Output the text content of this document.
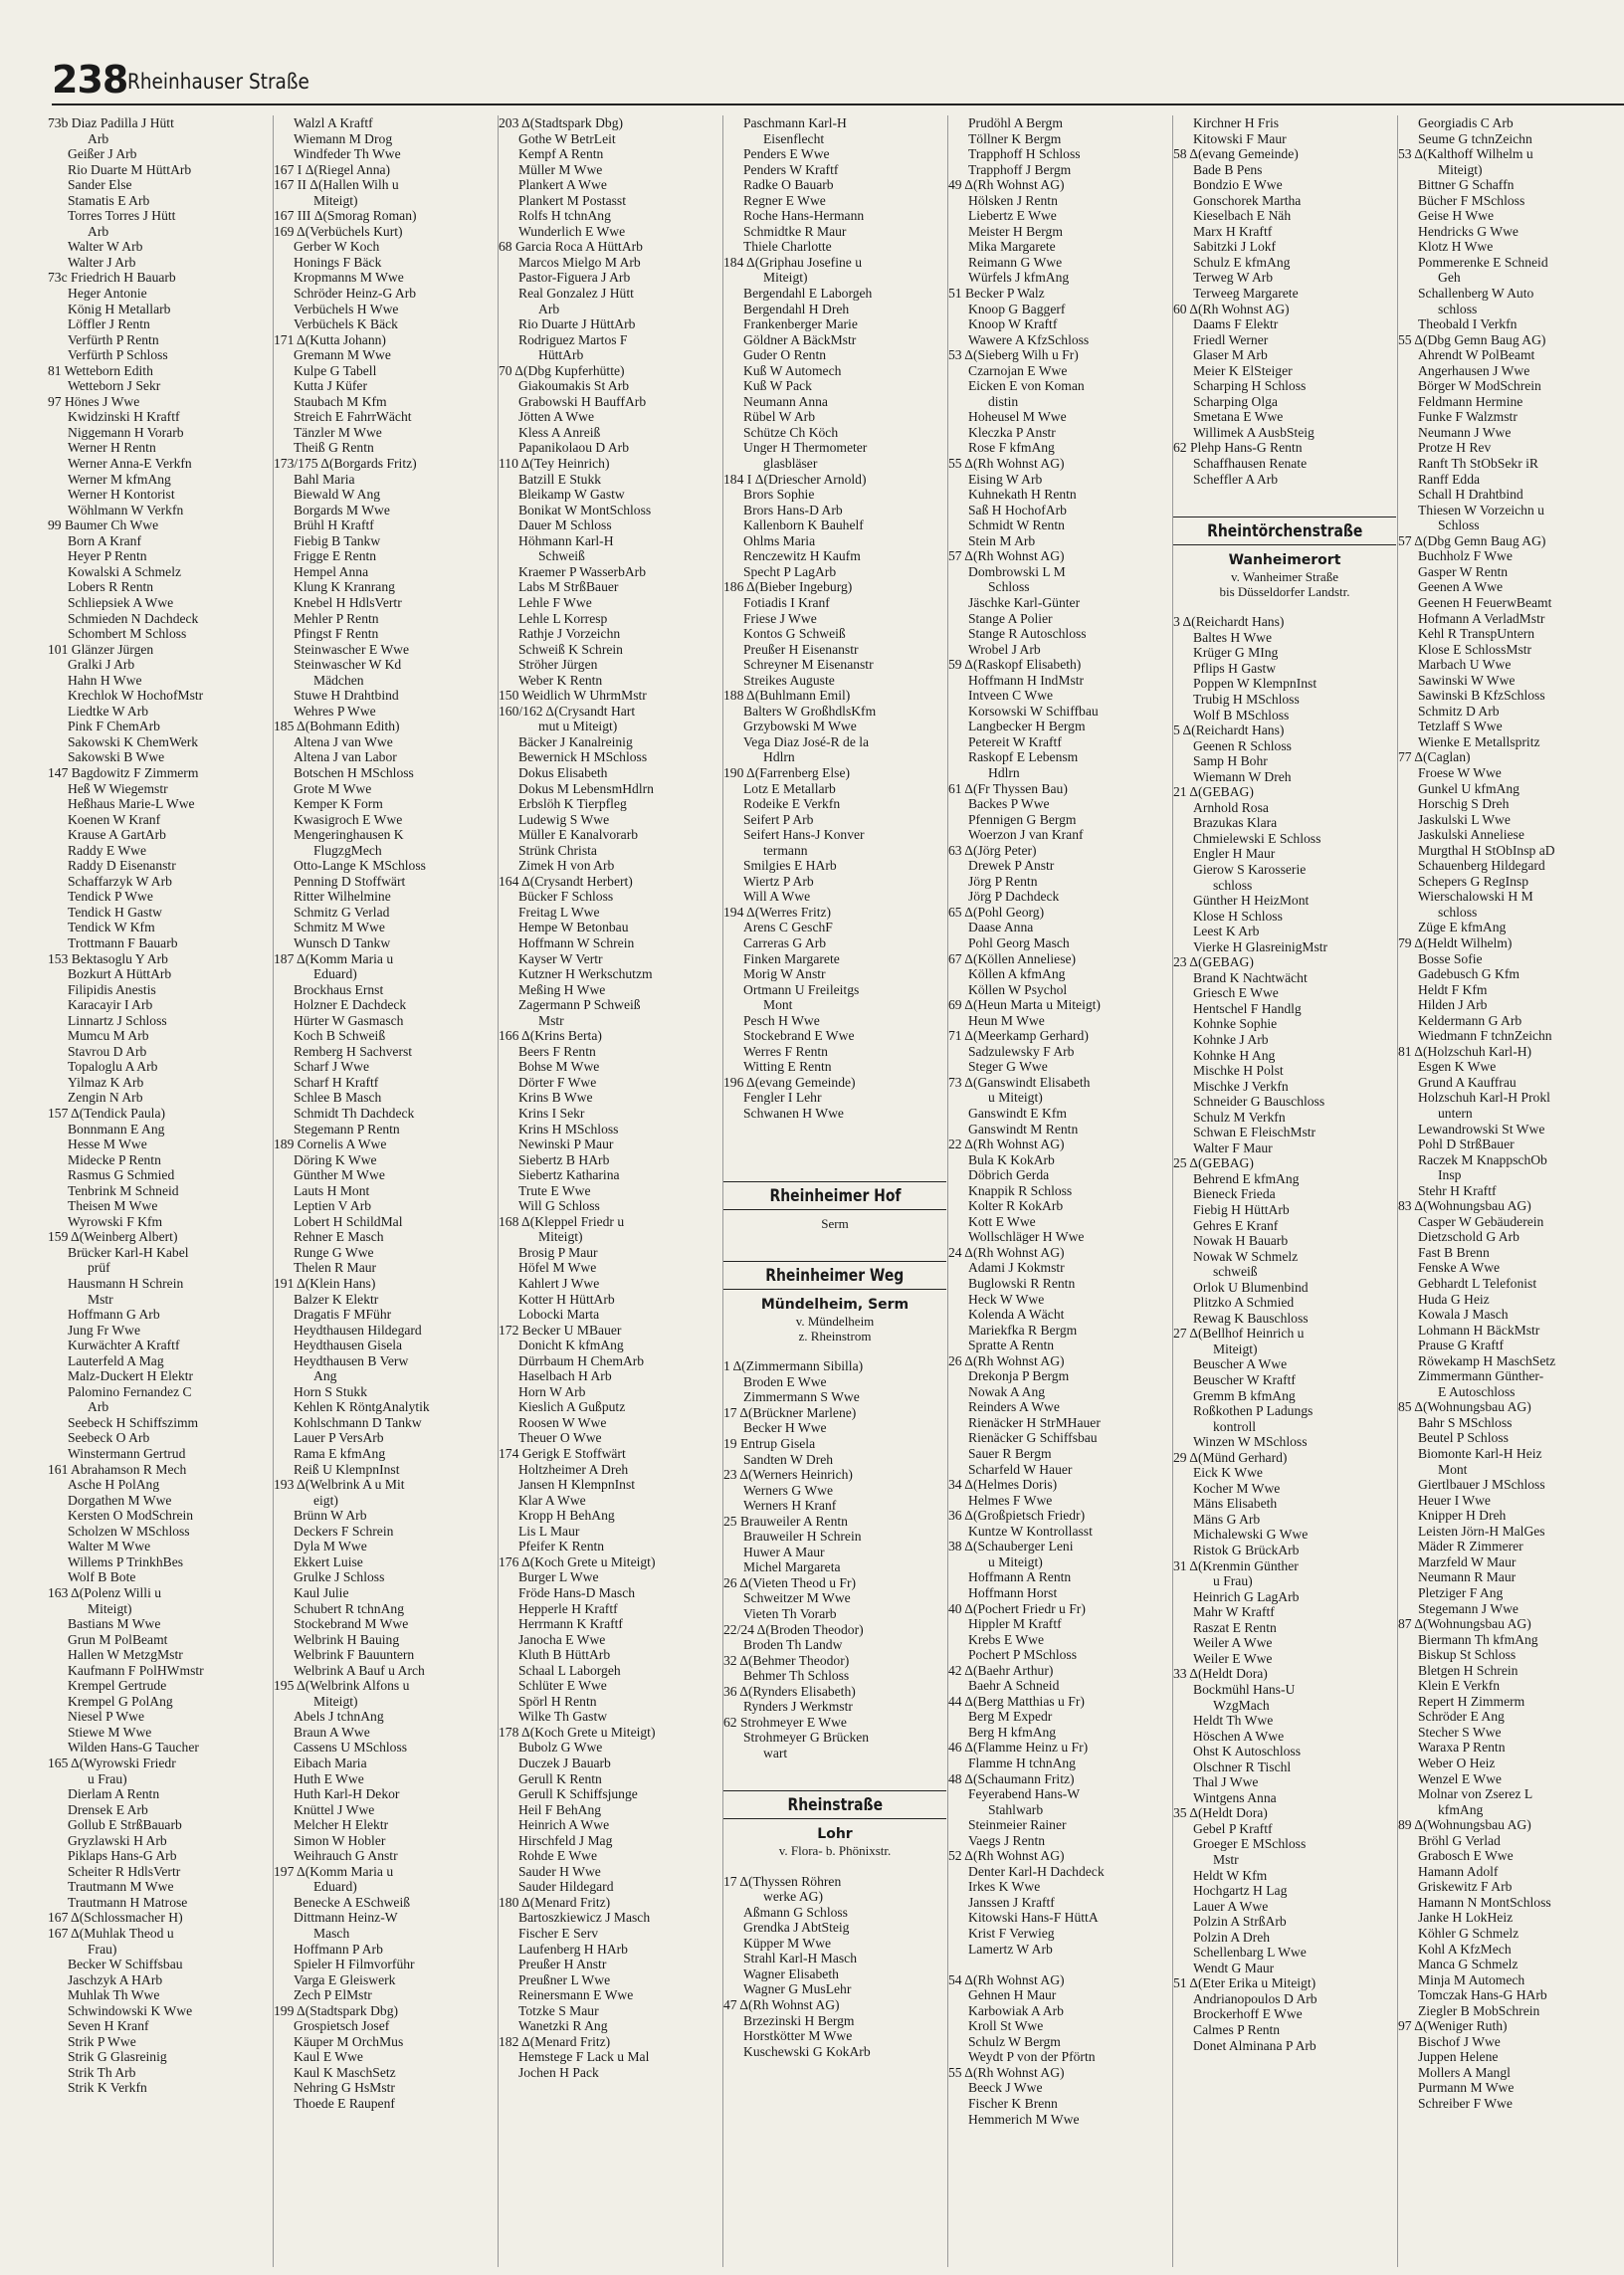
238 Rheinhauser Straße
73b Diaz Padilla J Hütt
Arb
Geißer J Arb
Rio Duarte M HüttArb
Sander Else
Stamatis E Arb
Torres Torres J Hütt
Arb
Walter W Arb
Walter J Arb
73c Friedrich H Bauarb
Heger Antonie
König H Metallarb
Löffler J Rentn
Verfürth P Rentn
Verfürth P Schloss
81 Wetteborn Edith
Wetteborn J Sekr
97 Hönes J Wwe
Kwidzinski H Kraftf
Niggemann H Vorarb
Werner H Rentn
Werner Anna-E Verkfn
Werner M kfmAng
Werner H Kontorist
Wöhlmann W Verkfn
99 Baumer Ch Wwe
Born A Kranf
Heyer P Rentn
Kowalski A Schmelz
Lobers R Rentn
Schliepsiek A Wwe
Schmieden N Dachdeck
Schombert M Schloss
101 Glänzer Jürgen
Gralki J Arb
Hahn H Wwe
Krechlok W HochofMstr
Liedtke W Arb
Pink F ChemArb
Sakowski K ChemWerk
Sakowski B Wwe
147 Bagdowitz F Zimmerm
Heß W Wiegemstr
Heßhaus Marie-L Wwe
Koenen W Kranf
Krause A GartArb
Raddy E Wwe
Raddy D Eisenanstr
Schaffarzyk W Arb
Tendick P Wwe
Tendick H Gastw
Tendick W Kfm
Trottmann F Bauarb
153 Bektasoglu Y Arb
Bozkurt A HüttArb
Filipidis Anestis
Karacayir I Arb
Linnartz J Schloss
Mumcu M Arb
Stavrou D Arb
Topaloglu A Arb
Yilmaz K Arb
Zengin N Arb
157 Δ(Tendick Paula)
Bonnmann E Ang
Hesse M Wwe
Midecke P Rentn
Rasmus G Schmied
Tenbrink M Schneid
Theisen M Wwe
Wyrowski F Kfm
159 Δ(Weinberg Albert)
Brücker Karl-H Kabel
prüf
Hausmann H Schrein
Mstr
Hoffmann G Arb
Jung Fr Wwe
Kurwächter A Kraftf
Lauterfeld A Mag
Malz-Duckert H Elektr
Palomino Fernandez C
Arb
Seebeck H Schiffszimm
Seebeck O Arb
Winstermann Gertrud
161 Abrahamson R Mech
Asche H PolAng
Dorgathen M Wwe
Kersten O ModSchrein
Scholzen W MSchloss
Walter M Wwe
Willems P TrinkhBes
Wolf B Bote
163 Δ(Polenz Willi u
Miteigt)
Bastians M Wwe
Grun M PolBeamt
Hallen W MetzgMstr
Kaufmann F PolHWmstr
Krempel Gertrude
Krempel G PolAng
Niesel P Wwe
Stiewe M Wwe
Wilden Hans-G Taucher
165 Δ(Wyrowski Friedr
u Frau)
Dierlam A Rentn
Drensek E Arb
Gollub E StrßBauarb
Gryzlawski H Arb
Piklaps Hans-G Arb
Scheiter R HdlsVertr
Trautmann M Wwe
Trautmann H Matrose
167 Δ(Schlossmacher H)
167 Δ(Muhlak Theod u
Frau)
Becker W Schiffsbau
Jaschzyk A HArb
Muhlak Th Wwe
Schwindowski K Wwe
Seven H Kranf
Strik P Wwe
Strik G Glasreinig
Strik Th Arb
Strik K Verkfn
Walzl A Kraftf
Wiemann M Drog
Windfeder Th Wwe
167 I Δ(Riegel Anna)
167 II Δ(Hallen Wilh u
Miteigt)
167 III Δ(Smorag Roman)
169 Δ(Verbüchels Kurt)
Gerber W Koch
Honings F Bäck
Kropmanns M Wwe
Schröder Heinz-G Arb
Verbüchels H Wwe
Verbüchels K Bäck
171 Δ(Kutta Johann)
Gremann M Wwe
Kulpe G Tabell
Kutta J Küfer
Staubach M Kfm
Streich E FahrrWächt
Tänzler M Wwe
Theiß G Rentn
173/175 Δ(Borgards Fritz)
Bahl Maria
Biewald W Ang
Borgards M Wwe
Brühl H Kraftf
Fiebig B Tankw
Frigge E Rentn
Hempel Anna
Klung K Kranrang
Knebel H HdlsVertr
Mehler P Rentn
Pfingst F Rentn
Steinwascher E Wwe
Steinwascher W Kd
Mädchen
Stuwe H Drahtbind
Wehres P Wwe
185 Δ(Bohmann Edith)
Altena J van Wwe
Altena J van Labor
Botschen H MSchloss
Grote M Wwe
Kemper K Form
Kwasigroch E Wwe
Mengeringhausen K
FlugzgMech
Otto-Lange K MSchloss
Penning D Stoffwärt
Ritter Wilhelmine
Schmitz G Verlad
Schmitz M Wwe
Wunsch D Tankw
187 Δ(Komm Maria u
Eduard)
Brockhaus Ernst
Holzner E Dachdeck
Hürter W Gasmasch
Koch B Schweiß
Remberg H Sachverst
Scharf J Wwe
Scharf H Kraftf
Schlee B Masch
Schmidt Th Dachdeck
Stegemann P Rentn
189 Cornelis A Wwe
Döring K Wwe
Günther M Wwe
Lauts H Mont
Leptien V Arb
Lobert H SchildMal
Rehner E Masch
Runge G Wwe
Thelen R Maur
191 Δ(Klein Hans)
Balzer K Elektr
Dragatis F MFühr
Heydthausen Hildegard
Heydthausen Gisela
Heydthausen B Verw
Ang
Horn S Stukk
Kehlen K RöntgAnalytik
Kohlschmann D Tankw
Lauer P VersArb
Rama E kfmAng
Reiß U KlempnInst
193 Δ(Welbrink A u Mit
eigt)
Brünn W Arb
Deckers F Schrein
Dyla M Wwe
Ekkert Luise
Grulke J Schloss
Kaul Julie
Schubert R tchnAng
Stockebrand M Wwe
Welbrink H Bauing
Welbrink F Bauuntern
Welbrink A Bauf u Arch
195 Δ(Welbrink Alfons u
Miteigt)
Abels J tchnAng
Braun A Wwe
Cassens U MSchloss
Eibach Maria
Huth E Wwe
Huth Karl-H Dekor
Knüttel J Wwe
Melcher H Elektr
Simon W Hobler
Weihrauch G Anstr
197 Δ(Komm Maria u
Eduard)
Benecke A ESchweiß
Dittmann Heinz-W
Masch
Hoffmann P Arb
Spieler H Filmvorführ
Varga E Gleiswerk
Zech P ElMstr
199 Δ(Stadtspark Dbg)
Grospietsch Josef
Käuper M OrchMus
Kaul E Wwe
Kaul K MaschSetz
Nehring G HsMstr
Thoede E Raupenf
203 Δ(Stadtspark Dbg)
Gothe W BetrLeit
Kempf A Rentn
Müller M Wwe
Plankert A Wwe
Plankert M Postasst
Rolfs H tchnAng
Wunderlich E Wwe
68 Garcia Roca A HüttArb
Marcos Mielgo M Arb
Pastor-Figuera J Arb
Real Gonzalez J Hütt
Arb
Rio Duarte J HüttArb
Rodriguez Martos F
HüttArb
70 Δ(Dbg Kupferhütte)
Giakoumakis St Arb
Grabowski H BauffArb
Jötten A Wwe
Kless A Anreiß
Papanikolaou D Arb
110 Δ(Tey Heinrich)
Batzill E Stukk
Bleikamp W Gastw
Bonikat W MontSchloss
Dauer M Schloss
Höhmann Karl-H
Schweiß
Kraemer P WasserbArb
Labs M StrßBauer
Lehle F Wwe
Lehle L Korresp
Rathje J Vorzeichn
Schweiß K Schrein
Ströher Jürgen
Weber K Rentn
150 Weidlich W UhrmMstr
160/162 Δ(Crysandt Hart
mut u Miteigt)
Bäcker J Kanalreinig
Bewernick H MSchloss
Dokus Elisabeth
Dokus M LebensmHdlrn
Erbslöh K Tierpfleg
Ludewig S Wwe
Müller E Kanalvorarb
Strünk Christa
Zimek H von Arb
164 Δ(Crysandt Herbert)
Bücker F Schloss
Freitag L Wwe
Hempe W Betonbau
Hoffmann W Schrein
Kayser W Vertr
Kutzner H Werkschutzm
Meßing H Wwe
Zagermann P Schweiß
Mstr
166 Δ(Krins Berta)
Beers F Rentn
Bohse M Wwe
Dörter F Wwe
Krins B Wwe
Krins I Sekr
Krins H MSchloss
Newinski P Maur
Siebertz B HArb
Siebertz Katharina
Trute E Wwe
Will G Schloss
168 Δ(Kleppel Friedr u
Miteigt)
Brosig P Maur
Höfel M Wwe
Kahlert J Wwe
Kotter H HüttArb
Lobocki Marta
172 Becker U MBauer
Donicht K kfmAng
Dürrbaum H ChemArb
Haselbach H Arb
Horn W Arb
Kieslich A Gußputz
Roosen W Wwe
Theuer O Wwe
174 Gerigk E Stoffwärt
Holtzheimer A Dreh
Jansen H KlempnInst
Klar A Wwe
Kropp H BehAng
Lis L Maur
Pfeifer K Rentn
176 Δ(Koch Grete u Miteigt)
Burger L Wwe
Fröde Hans-D Masch
Hepperle H Kraftf
Herrmann K Kraftf
Janocha E Wwe
Kluth B HüttArb
Schaal L Laborgeh
Schlüter E Wwe
Spörl H Rentn
Wilke Th Gastw
178 Δ(Koch Grete u Miteigt)
Bubolz G Wwe
Duczek J Bauarb
Gerull K Rentn
Gerull K Schiffsjunge
Heil F BehAng
Heinrich A Wwe
Hirschfeld J Mag
Rohde E Wwe
Sauder H Wwe
Sauder Hildegard
180 Δ(Menard Fritz)
Bartoszkiewicz J Masch
Fischer E Serv
Laufenberg H HArb
Preußer H Anstr
Preußner L Wwe
Reinersmann E Wwe
Totzke S Maur
Wanetzki R Ang
182 Δ(Menard Fritz)
Hemstege F Lack u Mal
Jochen H Pack
Paschmann Karl-H
Eisenflecht
Penders E Wwe
Penders W Kraftf
Radke O Bauarb
Regner E Wwe
Roche Hans-Hermann
Schmidtke R Maur
Thiele Charlotte
184 Δ(Griphau Josefine u
Miteigt)
Bergendahl E Laborgeh
Bergendahl H Dreh
Frankenberger Marie
Göldner A BäckMstr
Guder O Rentn
Kuß W Automech
Kuß W Pack
Neumann Anna
Rübel W Arb
Schütze Ch Köch
Unger H Thermometer
glasbläser
184 I Δ(Driescher Arnold)
Brors Sophie
Brors Hans-D Arb
Kallenborn K Bauhelf
Ohlms Maria
Renczewitz H Kaufm
Specht P LagArb
186 Δ(Bieber Ingeburg)
Fotiadis I Kranf
Friese J Wwe
Kontos G Schweiß
Preußer H Eisenanstr
Schreyner M Eisenanstr
Streikes Auguste
188 Δ(Buhlmann Emil)
Balters W GroßhdlsKfm
Grzybowski M Wwe
Vega Diaz José-R de la
Hdlrn
190 Δ(Farrenberg Else)
Lotz E Metallarb
Rodeike E Verkfn
Seifert P Arb
Seifert Hans-J Konver
termann
Smilgies E HArb
Wiertz P Arb
Will A Wwe
194 Δ(Werres Fritz)
Arens C GeschF
Carreras G Arb
Finken Margarete
Morig W Anstr
Ortmann U Freileitgs
Mont
Pesch H Wwe
Stockebrand E Wwe
Werres F Rentn
Witting E Rentn
196 Δ(evang Gemeinde)
Fengler I Lehr
Schwanen H Wwe
Rheinheimer Hof
Serm
Rheinheimer Weg
Mündelheim, Serm
v. Mündelheim
z. Rheinstrom
1 Δ(Zimmermann Sibilla)
Broden E Wwe
Zimmermann S Wwe
17 Δ(Brückner Marlene)
Becker H Wwe
19 Entrup Gisela
Sandten W Dreh
23 Δ(Werners Heinrich)
Werners G Wwe
Werners H Kranf
25 Brauweiler A Rentn
Brauweiler H Schrein
Huwer A Maur
Michel Margareta
26 Δ(Vieten Theod u Fr)
Schweitzer M Wwe
Vieten Th Vorarb
22/24 Δ(Broden Theodor)
Broden Th Landw
32 Δ(Behmer Theodor)
Behmer Th Schloss
36 Δ(Rynders Elisabeth)
Rynders J Werkmstr
62 Strohmeyer E Wwe
Strohmeyer G Brücken
wart
Rheinstraße
Lohr
v. Flora- b. Phönixstr.
17 Δ(Thyssen Röhren
werke AG)
Aßmann G Schloss
Grendka J AbtSteig
Küpper M Wwe
Strahl Karl-H Masch
Wagner Elisabeth
Wagner G MusLehr
47 Δ(Rh Wohnst AG)
Brzezinski H Bergm
Horstkötter M Wwe
Kuschewski G KokArb
Prudöhl A Bergm
Töllner K Bergm
Trapphoff H Schloss
Trapphoff J Bergm
49 Δ(Rh Wohnst AG)
Hölsken J Rentn
Liebertz E Wwe
Meister H Bergm
Mika Margarete
Reimann G Wwe
Würfels J kfmAng
51 Becker P Walz
Knoop G Baggerf
Knoop W Kraftf
Wawere A KfzSchloss
53 Δ(Sieberg Wilh u Fr)
Czarnojan E Wwe
Eicken E von Koman
distin
Hoheusel M Wwe
Kleczka P Anstr
Rose F kfmAng
55 Δ(Rh Wohnst AG)
Eising W Arb
Kuhnekath H Rentn
Saß H HochofArb
Schmidt W Rentn
Stein M Arb
57 Δ(Rh Wohnst AG)
Dombrowski L M
Schloss
Jäschke Karl-Günter
Stange A Polier
Stange R Autoschloss
Wrobel J Arb
59 Δ(Raskopf Elisabeth)
Hoffmann H IndMstr
Intveen C Wwe
Korsowski W Schiffbau
Langbecker H Bergm
Petereit W Kraftf
Raskopf E Lebensm
Hdlrn
61 Δ(Fr Thyssen Bau)
Backes P Wwe
Pfennigen G Bergm
Woerzon J van Kranf
63 Δ(Jörg Peter)
Drewek P Anstr
Jörg P Rentn
Jörg P Dachdeck
65 Δ(Pohl Georg)
Daase Anna
Pohl Georg Masch
67 Δ(Köllen Anneliese)
Köllen A kfmAng
Köllen W Psychol
69 Δ(Heun Marta u Miteigt)
Heun M Wwe
71 Δ(Meerkamp Gerhard)
Sadzulewsky F Arb
Steger G Wwe
73 Δ(Ganswindt Elisabeth
u Miteigt)
Ganswindt E Kfm
Ganswindt M Rentn
22 Δ(Rh Wohnst AG)
Bula K KokArb
Döbrich Gerda
Knappik R Schloss
Kolter R KokArb
Kott E Wwe
Wollschläger H Wwe
24 Δ(Rh Wohnst AG)
Adami J Kokmstr
Buglowski R Rentn
Heck W Wwe
Kolenda A Wächt
Mariekfka R Bergm
Spratte A Rentn
26 Δ(Rh Wohnst AG)
Drekonja P Bergm
Nowak A Ang
Reinders A Wwe
Rienäcker H StrMHauer
Rienäcker G Schiffsbau
Sauer R Bergm
Scharfeld W Hauer
34 Δ(Helmes Doris)
Helmes F Wwe
36 Δ(Großpietsch Friedr)
Kuntze W Kontrollasst
38 Δ(Schauberger Leni
u Miteigt)
Hoffmann A Rentn
Hoffmann Horst
40 Δ(Pochert Friedr u Fr)
Hippler M Kraftf
Krebs E Wwe
Pochert P MSchloss
42 Δ(Baehr Arthur)
Baehr A Schneid
44 Δ(Berg Matthias u Fr)
Berg M Expedr
Berg H kfmAng
46 Δ(Flamme Heinz u Fr)
Flamme H tchnAng
48 Δ(Schaumann Fritz)
Feyerabend Hans-W
Stahlwarb
Steinmeier Rainer
Vaegs J Rentn
52 Δ(Rh Wohnst AG)
Denter Karl-H Dachdeck
Irkes K Wwe
Janssen J Kraftf
Kitowski Hans-F HüttA
Krist F Verwieg
Lamertz W Arb
54 Δ(Rh Wohnst AG)
Gehnen H Maur
Karbowiak A Arb
Kroll St Wwe
Schulz W Bergm
Weydt P von der Pförtn
55 Δ(Rh Wohnst AG)
Beeck J Wwe
Fischer K Brenn
Hemmerich M Wwe
Kirchner H Fris
Kitowski F Maur
58 Δ(evang Gemeinde)
Bade B Pens
Bondzio E Wwe
Gonschorek Martha
Kieselbach E Näh
Marx H Kraftf
Sabitzki J Lokf
Schulz E kfmAng
Terweg W Arb
Terweeg Margarete
60 Δ(Rh Wohnst AG)
Daams F Elektr
Friedl Werner
Glaser M Arb
Meier K ElSteiger
Scharping H Schloss
Scharping Olga
Smetana E Wwe
Willimek A AusbSteig
62 Plehp Hans-G Rentn
Schaffhausen Renate
Scheffler A Arb
Rheintörchenstraße
Wanheimerort
v. Wanheimer Straße
bis Düsseldorfer Landstr.
3 Δ(Reichardt Hans)
Baltes H Wwe
Krüger G MIng
Pflips H Gastw
Poppen W KlempnInst
Trubig H MSchloss
Wolf B MSchloss
5 Δ(Reichardt Hans)
Geenen R Schloss
Samp H Bohr
Wiemann W Dreh
21 Δ(GEBAG)
Arnhold Rosa
Brazukas Klara
Chmielewski E Schloss
Engler H Maur
Gierow S Karosserie
schloss
Günther H HeizMont
Klose H Schloss
Leest K Arb
Vierke H GlasreinigMstr
23 Δ(GEBAG)
Brand K Nachtwächt
Griesch E Wwe
Hentschel F Handlg
Kohnke Sophie
Kohnke J Arb
Kohnke H Ang
Mischke H Polst
Mischke J Verkfn
Schneider G Bauschloss
Schulz M Verkfn
Schwan E FleischMstr
Walter F Maur
25 Δ(GEBAG)
Behrend E kfmAng
Bieneck Frieda
Fiebig H HüttArb
Gehres E Kranf
Nowak H Bauarb
Nowak W Schmelz
schweiß
Orlok U Blumenbind
Plitzko A Schmied
Rewag K Bauschloss
27 Δ(Bellhof Heinrich u
Miteigt)
Beuscher A Wwe
Beuscher W Kraftf
Gremm B kfmAng
Roßkothen P Ladungs
kontroll
Winzen W MSchloss
29 Δ(Münd Gerhard)
Eick K Wwe
Kocher M Wwe
Mäns Elisabeth
Mäns G Arb
Michalewski G Wwe
Ristok G BrückArb
31 Δ(Krenmin Günther
u Frau)
Heinrich G LagArb
Mahr W Kraftf
Raszat E Rentn
Weiler A Wwe
Weiler E Wwe
33 Δ(Heldt Dora)
Bockmühl Hans-U
WzgMach
Heldt Th Wwe
Höschen A Wwe
Ohst K Autoschloss
Olschner R Tischl
Thal J Wwe
Wintgens Anna
35 Δ(Heldt Dora)
Gebel P Kraftf
Groeger E MSchloss
Mstr
Heldt W Kfm
Hochgartz H Lag
Lauer A Wwe
Polzin A StrßArb
Polzin A Dreh
Schellenbarg L Wwe
Wendt G Maur
51 Δ(Eter Erika u Miteigt)
Andrianopoulos D Arb
Brockerhoff E Wwe
Calmes P Rentn
Donet Alminana P Arb
Georgiadis C Arb
Seume G tchnZeichn
53 Δ(Kalthoff Wilhelm u
Miteigt)
Bittner G Schaffn
Bücher F MSchloss
Geise H Wwe
Hendricks G Wwe
Klotz H Wwe
Pommerenke E Schneid
Geh
Schallenberg W Auto
schloss
Theobald I Verkfn
55 Δ(Dbg Gemn Baug AG)
Ahrendt W PolBeamt
Angerhausen J Wwe
Börger W ModSchrein
Feldmann Hermine
Funke F Walzmstr
Neumann J Wwe
Protze H Rev
Ranft Th StObSekr iR
Ranff Edda
Schall H Drahtbind
Thiesen W Vorzeichn u
Schloss
57 Δ(Dbg Gemn Baug AG)
Buchholz F Wwe
Gasper W Rentn
Geenen A Wwe
Geenen H FeuerwBeamt
Hofmann A VerladMstr
Kehl R TranspUntern
Klose E SchlossMstr
Marbach U Wwe
Sawinski W Wwe
Sawinski B KfzSchloss
Schmitz D Arb
Tetzlaff S Wwe
Wienke E Metallspritz
77 Δ(Caglan)
Froese W Wwe
Gunkel U kfmAng
Horschig S Dreh
Jaskulski L Wwe
Jaskulski Anneliese
Murgthal H StObInsp aD
Schauenberg Hildegard
Schepers G RegInsp
Wierschalowski H M
schloss
Züge E kfmAng
79 Δ(Heldt Wilhelm)
Bosse Sofie
Gadebusch G Kfm
Heldt F Kfm
Hilden J Arb
Keldermann G Arb
Wiedmann F tchnZeichn
81 Δ(Holzschuh Karl-H)
Esgen K Wwe
Grund A Kauffrau
Holzschuh Karl-H Prokl
untern
Lewandrowski St Wwe
Pohl D StrßBauer
Raczek M KnappschOb
Insp
Stehr H Kraftf
83 Δ(Wohnungsbau AG)
Casper W Gebäuderein
Dietzschold G Arb
Fast B Brenn
Fenske A Wwe
Gebhardt L Telefonist
Huda G Heiz
Kowala J Masch
Lohmann H BäckMstr
Prause G Kraftf
Röwekamp H MaschSetz
Zimmermann Günther-
E Autoschloss
85 Δ(Wohnungsbau AG)
Bahr S MSchloss
Beutel P Schloss
Biomonte Karl-H Heiz
Mont
Giertlbauer J MSchloss
Heuer I Wwe
Knipper H Dreh
Leisten Jörn-H MalGes
Mäder R Zimmerer
Marzfeld W Maur
Neumann R Maur
Pletziger F Ang
Stegemann J Wwe
87 Δ(Wohnungsbau AG)
Biermann Th kfmAng
Biskup St Schloss
Bletgen H Schrein
Klein E Verkfn
Repert H Zimmerm
Schröder E Ang
Stecher S Wwe
Waraxa P Rentn
Weber O Heiz
Wenzel E Wwe
Molnar von Zserez L
kfmAng
89 Δ(Wohnungsbau AG)
Bröhl G Verlad
Grabosch E Wwe
Hamann Adolf
Griskewitz F Arb
Hamann N MontSchloss
Janke H LokHeiz
Köhler G Schmelz
Kohl A KfzMech
Manca G Schmelz
Minja M Automech
Tomczak Hans-G HArb
Ziegler B MobSchrein
97 Δ(Weniger Ruth)
Bischof J Wwe
Juppen Helene
Mollers A Mangl
Purmann M Wwe
Schreiber F Wwe
